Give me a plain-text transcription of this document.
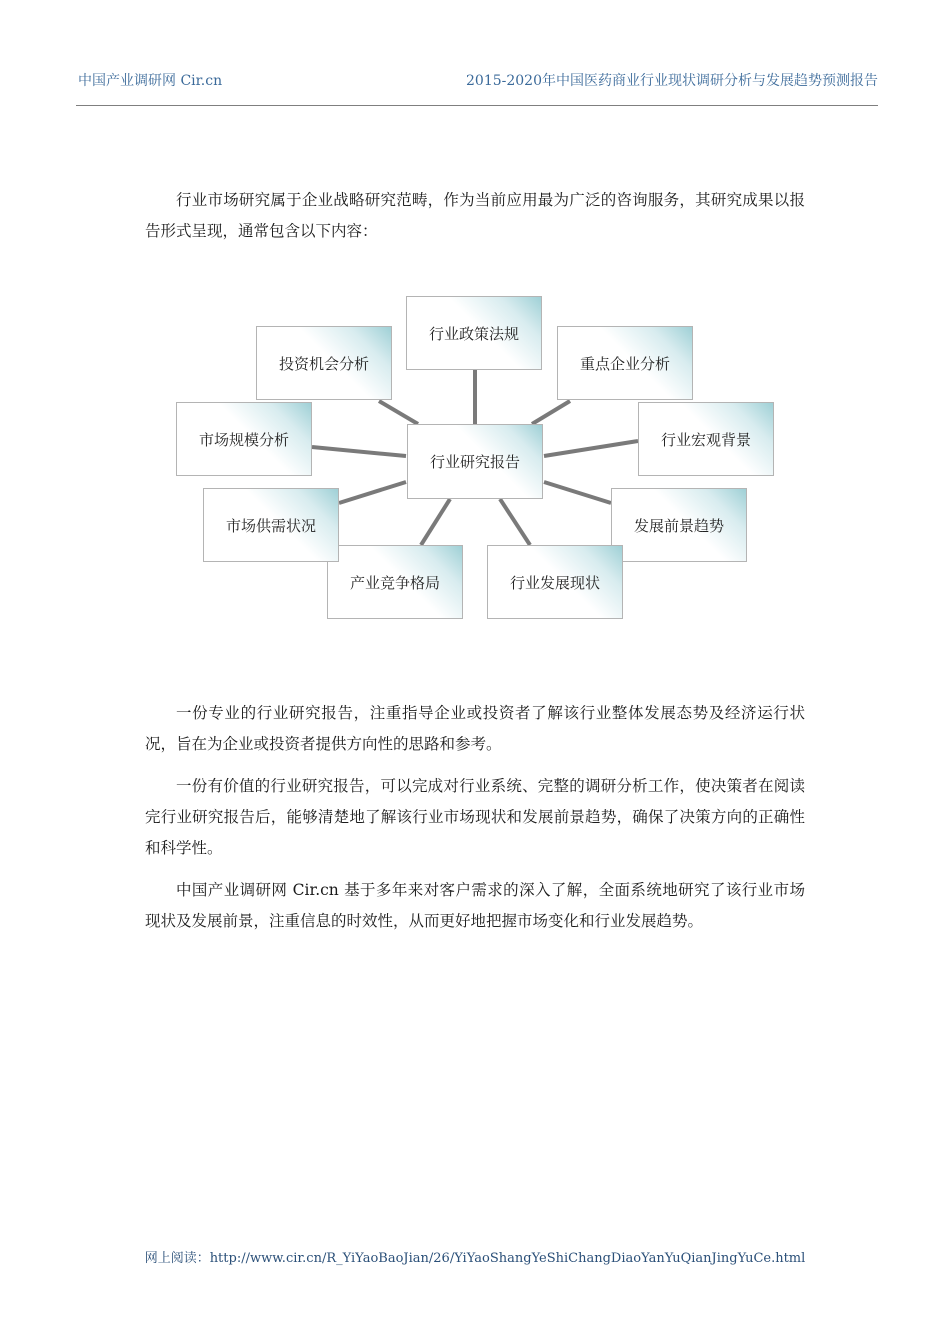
中国产业调研网 Cir.cn	2015-2020年中国医药商业行业现状调研分析与发展趋势预测报告

行业市场研究属于企业战略研究范畴，作为当前应用最为广泛的咨询服务，其研究成果以报告形式呈现，通常包含以下内容：

行业政策法规
重点企业分析
行业宏观背景
发展前景趋势
行业发展现状
产业竞争格局
市场供需状况
市场规模分析
投资机会分析
行业研究报告

一份专业的行业研究报告，注重指导企业或投资者了解该行业整体发展态势及经济运行状况，旨在为企业或投资者提供方向性的思路和参考。

一份有价值的行业研究报告，可以完成对行业系统、完整的调研分析工作，使决策者在阅读完行业研究报告后，能够清楚地了解该行业市场现状和发展前景趋势，确保了决策方向的正确性和科学性。

中国产业调研网 Cir.cn 基于多年来对客户需求的深入了解，全面系统地研究了该行业市场现状及发展前景，注重信息的时效性，从而更好地把握市场变化和行业发展趋势。

网上阅读：http://www.cir.cn/R_YiYaoBaoJian/26/YiYaoShangYeShiChangDiaoYanYuQianJingYuCe.html
